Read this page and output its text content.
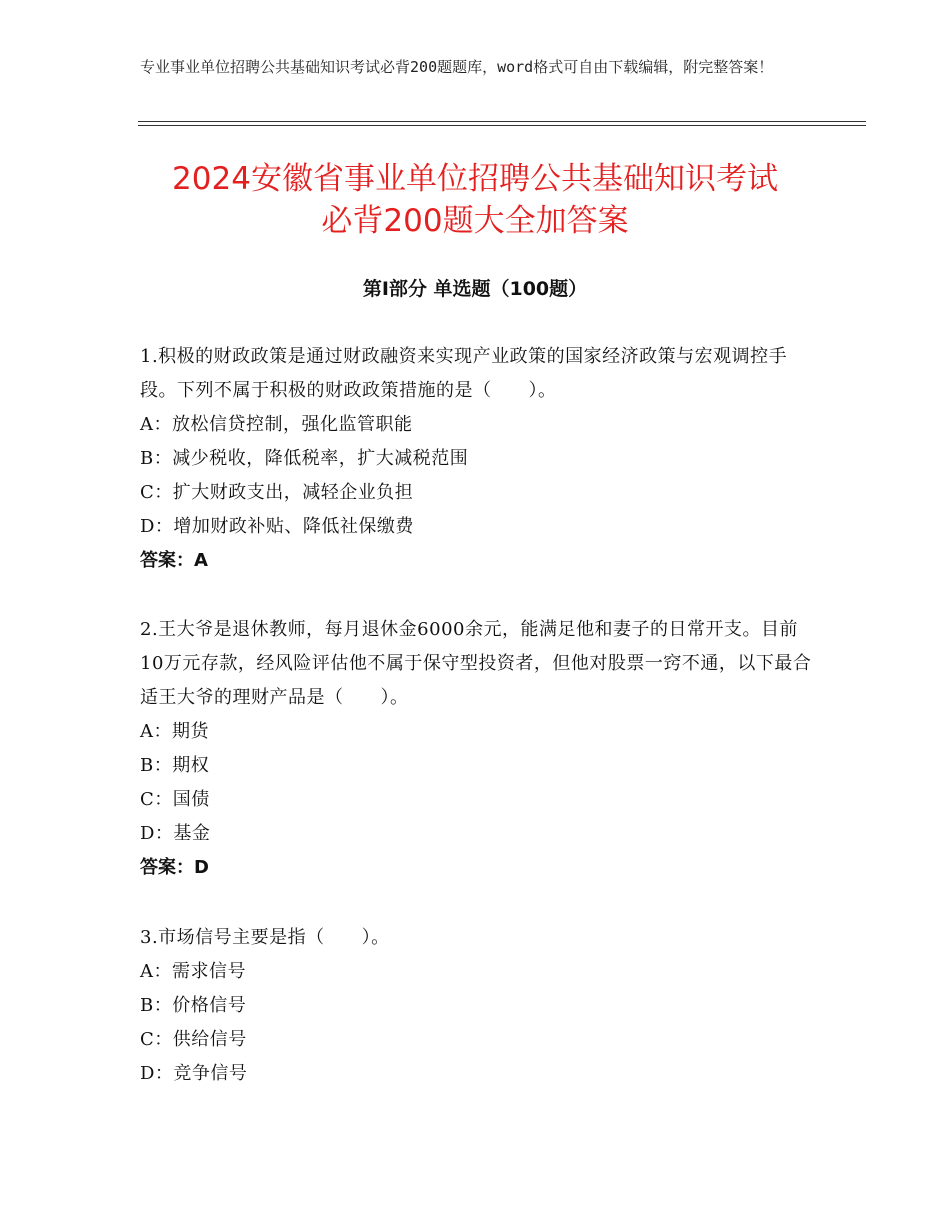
专业事业单位招聘公共基础知识考试必背200题题库，word格式可自由下载编辑，附完整答案！
2024安徽省事业单位招聘公共基础知识考试
必背200题大全加答案
第Ⅰ部分 单选题（100题）

1.积极的财政政策是通过财政融资来实现产业政策的国家经济政策与宏观调控手段。下列不属于积极的财政政策措施的是（　　）。

A：放松信贷控制，强化监管职能

B：减少税收，降低税率，扩大减税范围

C：扩大财政支出，减轻企业负担

D：增加财政补贴、降低社保缴费

答案：A

2.王大爷是退休教师，每月退休金6000余元，能满足他和妻子的日常开支。目前10万元存款，经风险评估他不属于保守型投资者，但他对股票一窍不通，以下最合适王大爷的理财产品是（　　）。

A：期货

B：期权

C：国债

D：基金

答案：D

3.市场信号主要是指（　　）。

A：需求信号

B：价格信号

C：供给信号

D：竞争信号
